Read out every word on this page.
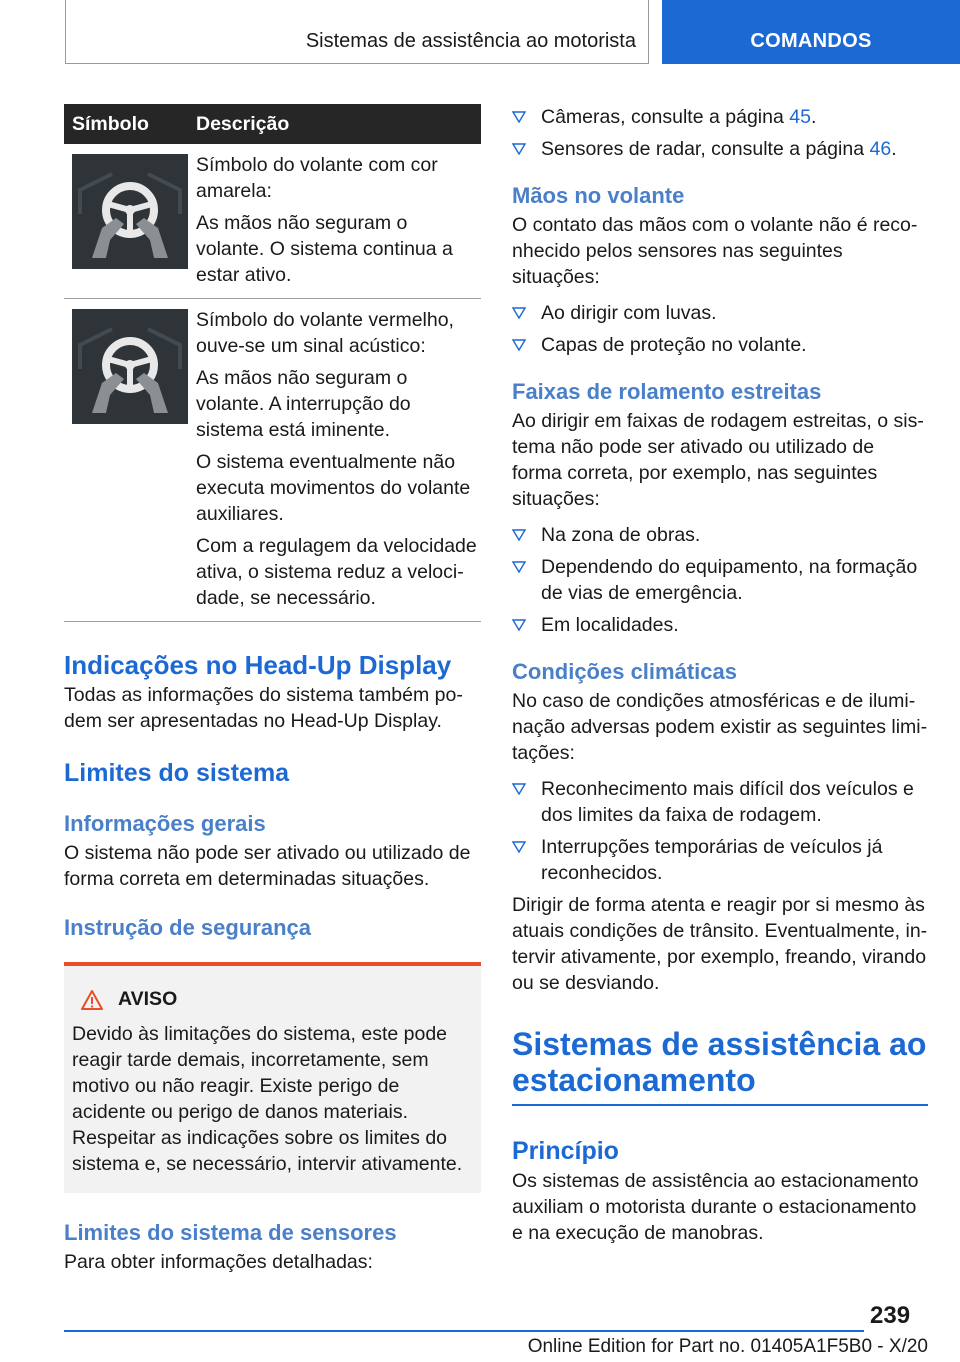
Sistemas de assistência ao motorista	COMANDOS
Símbolo	Descrição

Símbolo do volante com cor amarela:

As mãos não seguram o volante. O sistema continua a estar ativo.

Símbolo do volante vermelho, ouve-se um sinal acústico:

As mãos não seguram o volante. A interrupção do sistema está iminente.

O sistema eventualmente não executa movimentos do volante auxiliares.

Com a regulagem da velocidade ativa, o sistema reduz a velocidade, se necessário.

Indicações no Head-Up Display

Todas as informações do sistema também podem ser apresentadas no Head-Up Display.

Limites do sistema
Informações gerais

O sistema não pode ser ativado ou utilizado de forma correta em determinadas situações.

Instrução de segurança
AVISO

Devido às limitações do sistema, este pode reagir tarde demais, incorretamente, sem motivo ou não reagir. Existe perigo de acidente ou perigo de danos materiais. Respeitar as indicações sobre os limites do sistema e, se necessário, intervir ativamente.

Limites do sistema de sensores

Para obter informações detalhadas:

Câmeras, consulte a página 45.
Sensores de radar, consulte a página 46.
Mãos no volante

O contato das mãos com o volante não é reconhecido pelos sensores nas seguintes situações:

Ao dirigir com luvas.
Capas de proteção no volante.
Faixas de rolamento estreitas

Ao dirigir em faixas de rodagem estreitas, o sistema não pode ser ativado ou utilizado de forma correta, por exemplo, nas seguintes situações:

Na zona de obras.
Dependendo do equipamento, na formação de vias de emergência.
Em localidades.
Condições climáticas

No caso de condições atmosféricas e de iluminação adversas podem existir as seguintes limitações:

Reconhecimento mais difícil dos veículos e dos limites da faixa de rodagem.
Interrupções temporárias de veículos já reconhecidos.

Dirigir de forma atenta e reagir por si mesmo às atuais condições de trânsito. Eventualmente, intervir ativamente, por exemplo, freando, virando ou se desviando.

Sistemas de assistência ao estacionamento
Princípio

Os sistemas de assistência ao estacionamento auxiliam o motorista durante o estacionamento e na execução de manobras.

239
Online Edition for Part no. 01405A1F5B0 - X/20
